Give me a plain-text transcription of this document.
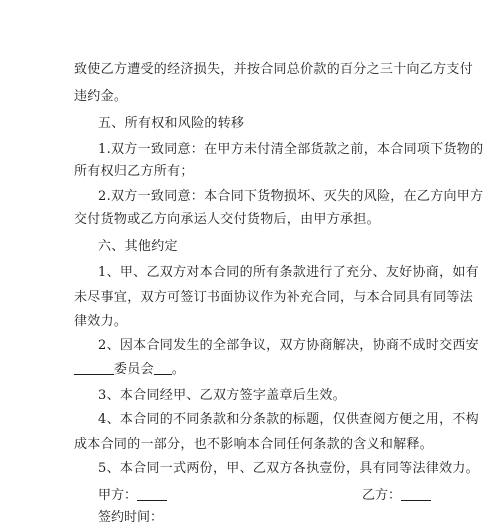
致使乙方遭受的经济损失，并按合同总价款的百分之三十向乙方支付
违约金。
五、所有权和风险的转移
1.双方一致同意：在甲方未付清全部货款之前，本合同项下货物的
所有权归乙方所有；
2.双方一致同意：本合同下货物损坏、灭失的风险，在乙方向甲方
交付货物或乙方向承运人交付货物后，由甲方承担。
六、其他约定
1、甲、乙双方对本合同的所有条款进行了充分、友好协商，如有
未尽事宜，双方可签订书面协议作为补充合同，与本合同具有同等法
律效力。
2、因本合同发生的全部争议，双方协商解决，协商不成时交西安
委员会 。
3、本合同经甲、乙双方签字盖章后生效。
4、本合同的不同条款和分条款的标题，仅供查阅方便之用，不构
成本合同的一部分，也不影响本合同任何条款的含义和解释。
5、本合同一式两份，甲、乙双方各执壹份，具有同等法律效力。
甲方：	乙方：
签约时间：
